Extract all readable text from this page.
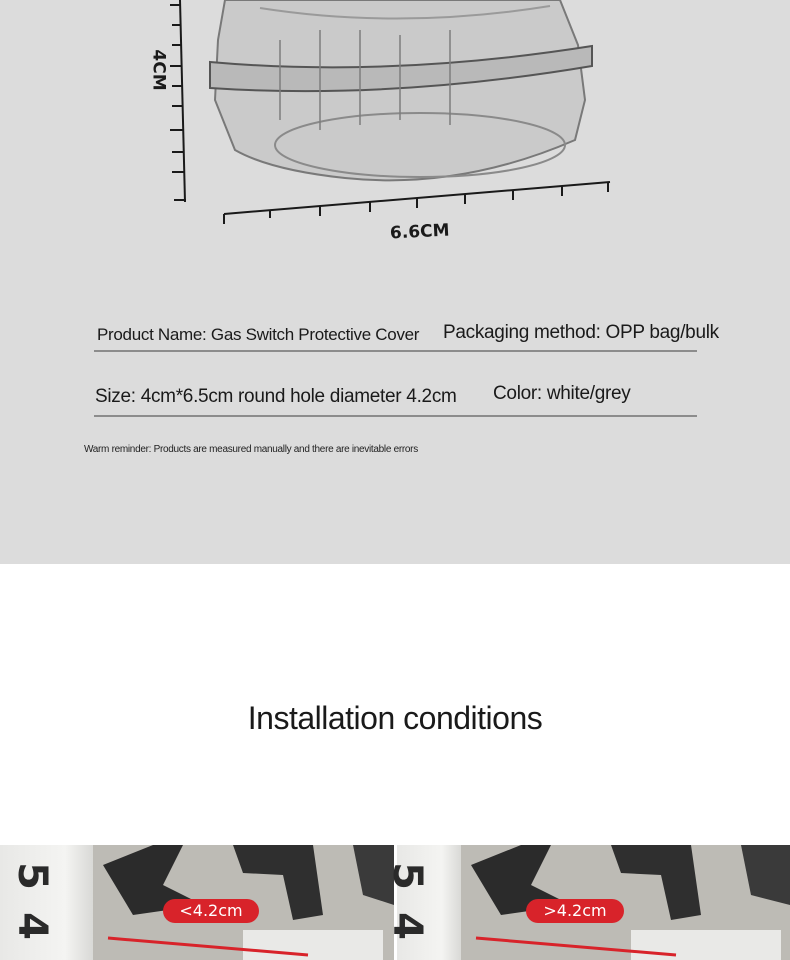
4CM
6.6CM
Product Name: Gas Switch Protective Cover Packaging method: OPP bag/bulk
Size: 4cm*6.5cm round hole diameter 4.2cm Color: white/grey
Warm reminder: Products are measured manually and there are inevitable errors
Installation conditions
5
4
<4.2cm
5
4
>4.2cm
